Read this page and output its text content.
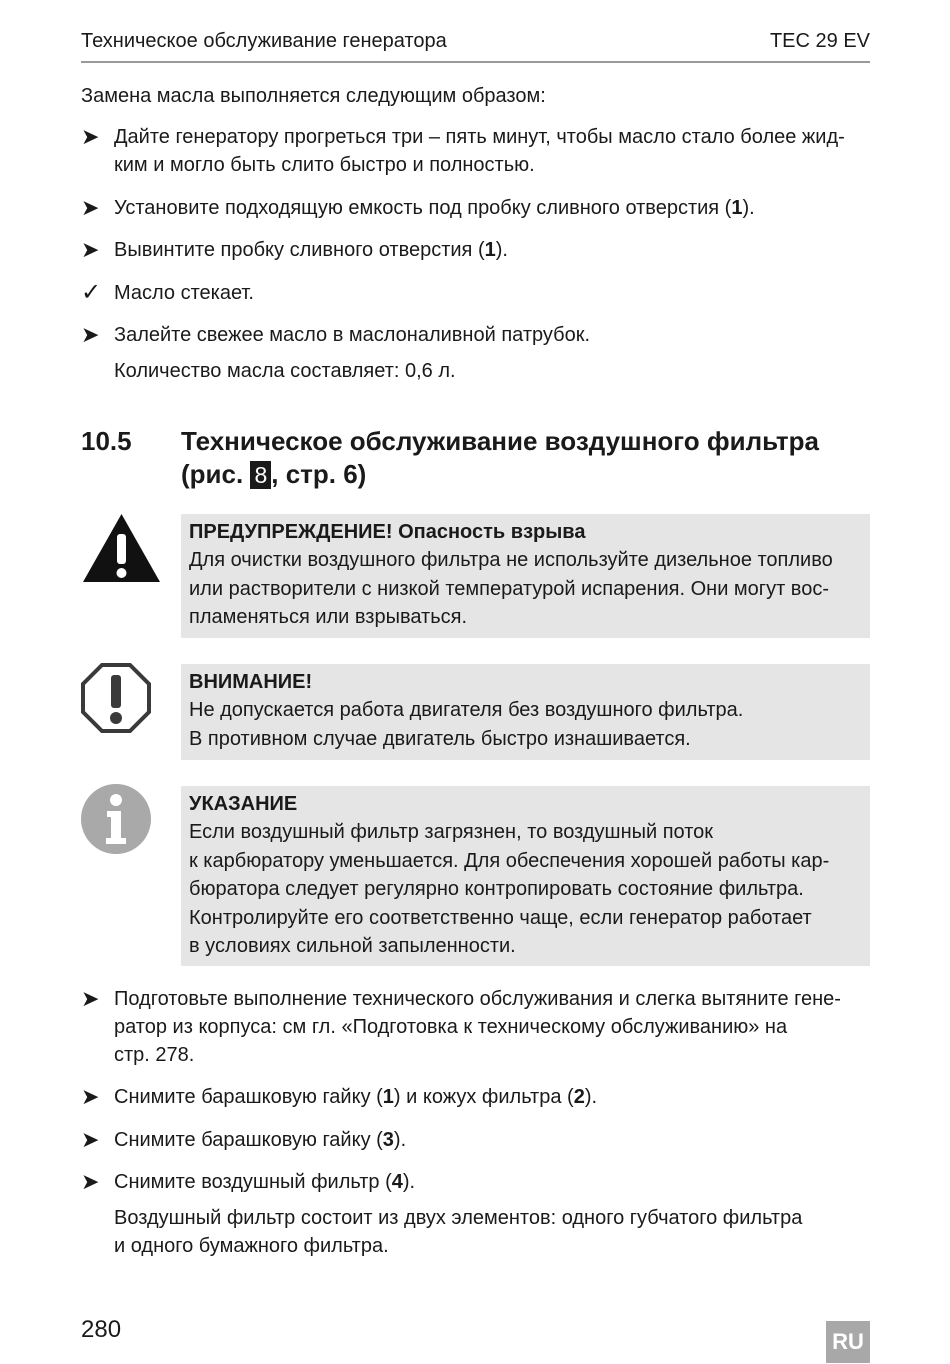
Техническое обслуживание генератора	TEC 29 EV

Замена масла выполняется следующим образом:

➤ Дайте генератору прогреться три – пять минут, чтобы масло стало более жид-
ким и могло быть слито быстро и полностью.
➤ Установите подходящую емкость под пробку сливного отверстия (1).
➤ Вывинтите пробку сливного отверстия (1).
✓ Масло стекает.
➤ Залейте свежее масло в маслоналивной патрубок.
Количество масла составляет: 0,6 л.
10.5 Техническое обслуживание воздушного фильтра
(рис. 8 , стр. 6)
ПРЕДУПРЕЖДЕНИЕ! Опасность взрыва
Для очистки воздушного фильтра не используйте дизельное топливо
или растворители с низкой температурой испарения. Они могут вос-
пламеняться или взрываться.
ВНИМАНИЕ!
Не допускается работа двигателя без воздушного фильтра.
В противном случае двигатель быстро изнашивается.
УКАЗАНИЕ
Если воздушный фильтр загрязнен, то воздушный поток
к карбюратору уменьшается. Для обеспечения хорошей работы кар-
бюратора следует регулярно контропировать состояние фильтра.
Контролируйте его соответственно чаще, если генератор работает
в условиях сильной запыленности.
➤ Подготовьте выполнение технического обслуживания и слегка вытяните гене-
ратор из корпуса: см гл. «Подготовка к техническому обслуживанию» на
стр. 278.
➤ Снимите барашковую гайку (1) и кожух фильтра (2).
➤ Снимите барашковую гайку (3).
➤ Снимите воздушный фильтр (4).
Воздушный фильтр состоит из двух элементов: одного губчатого фильтра
и одного бумажного фильтра.
280	RU
